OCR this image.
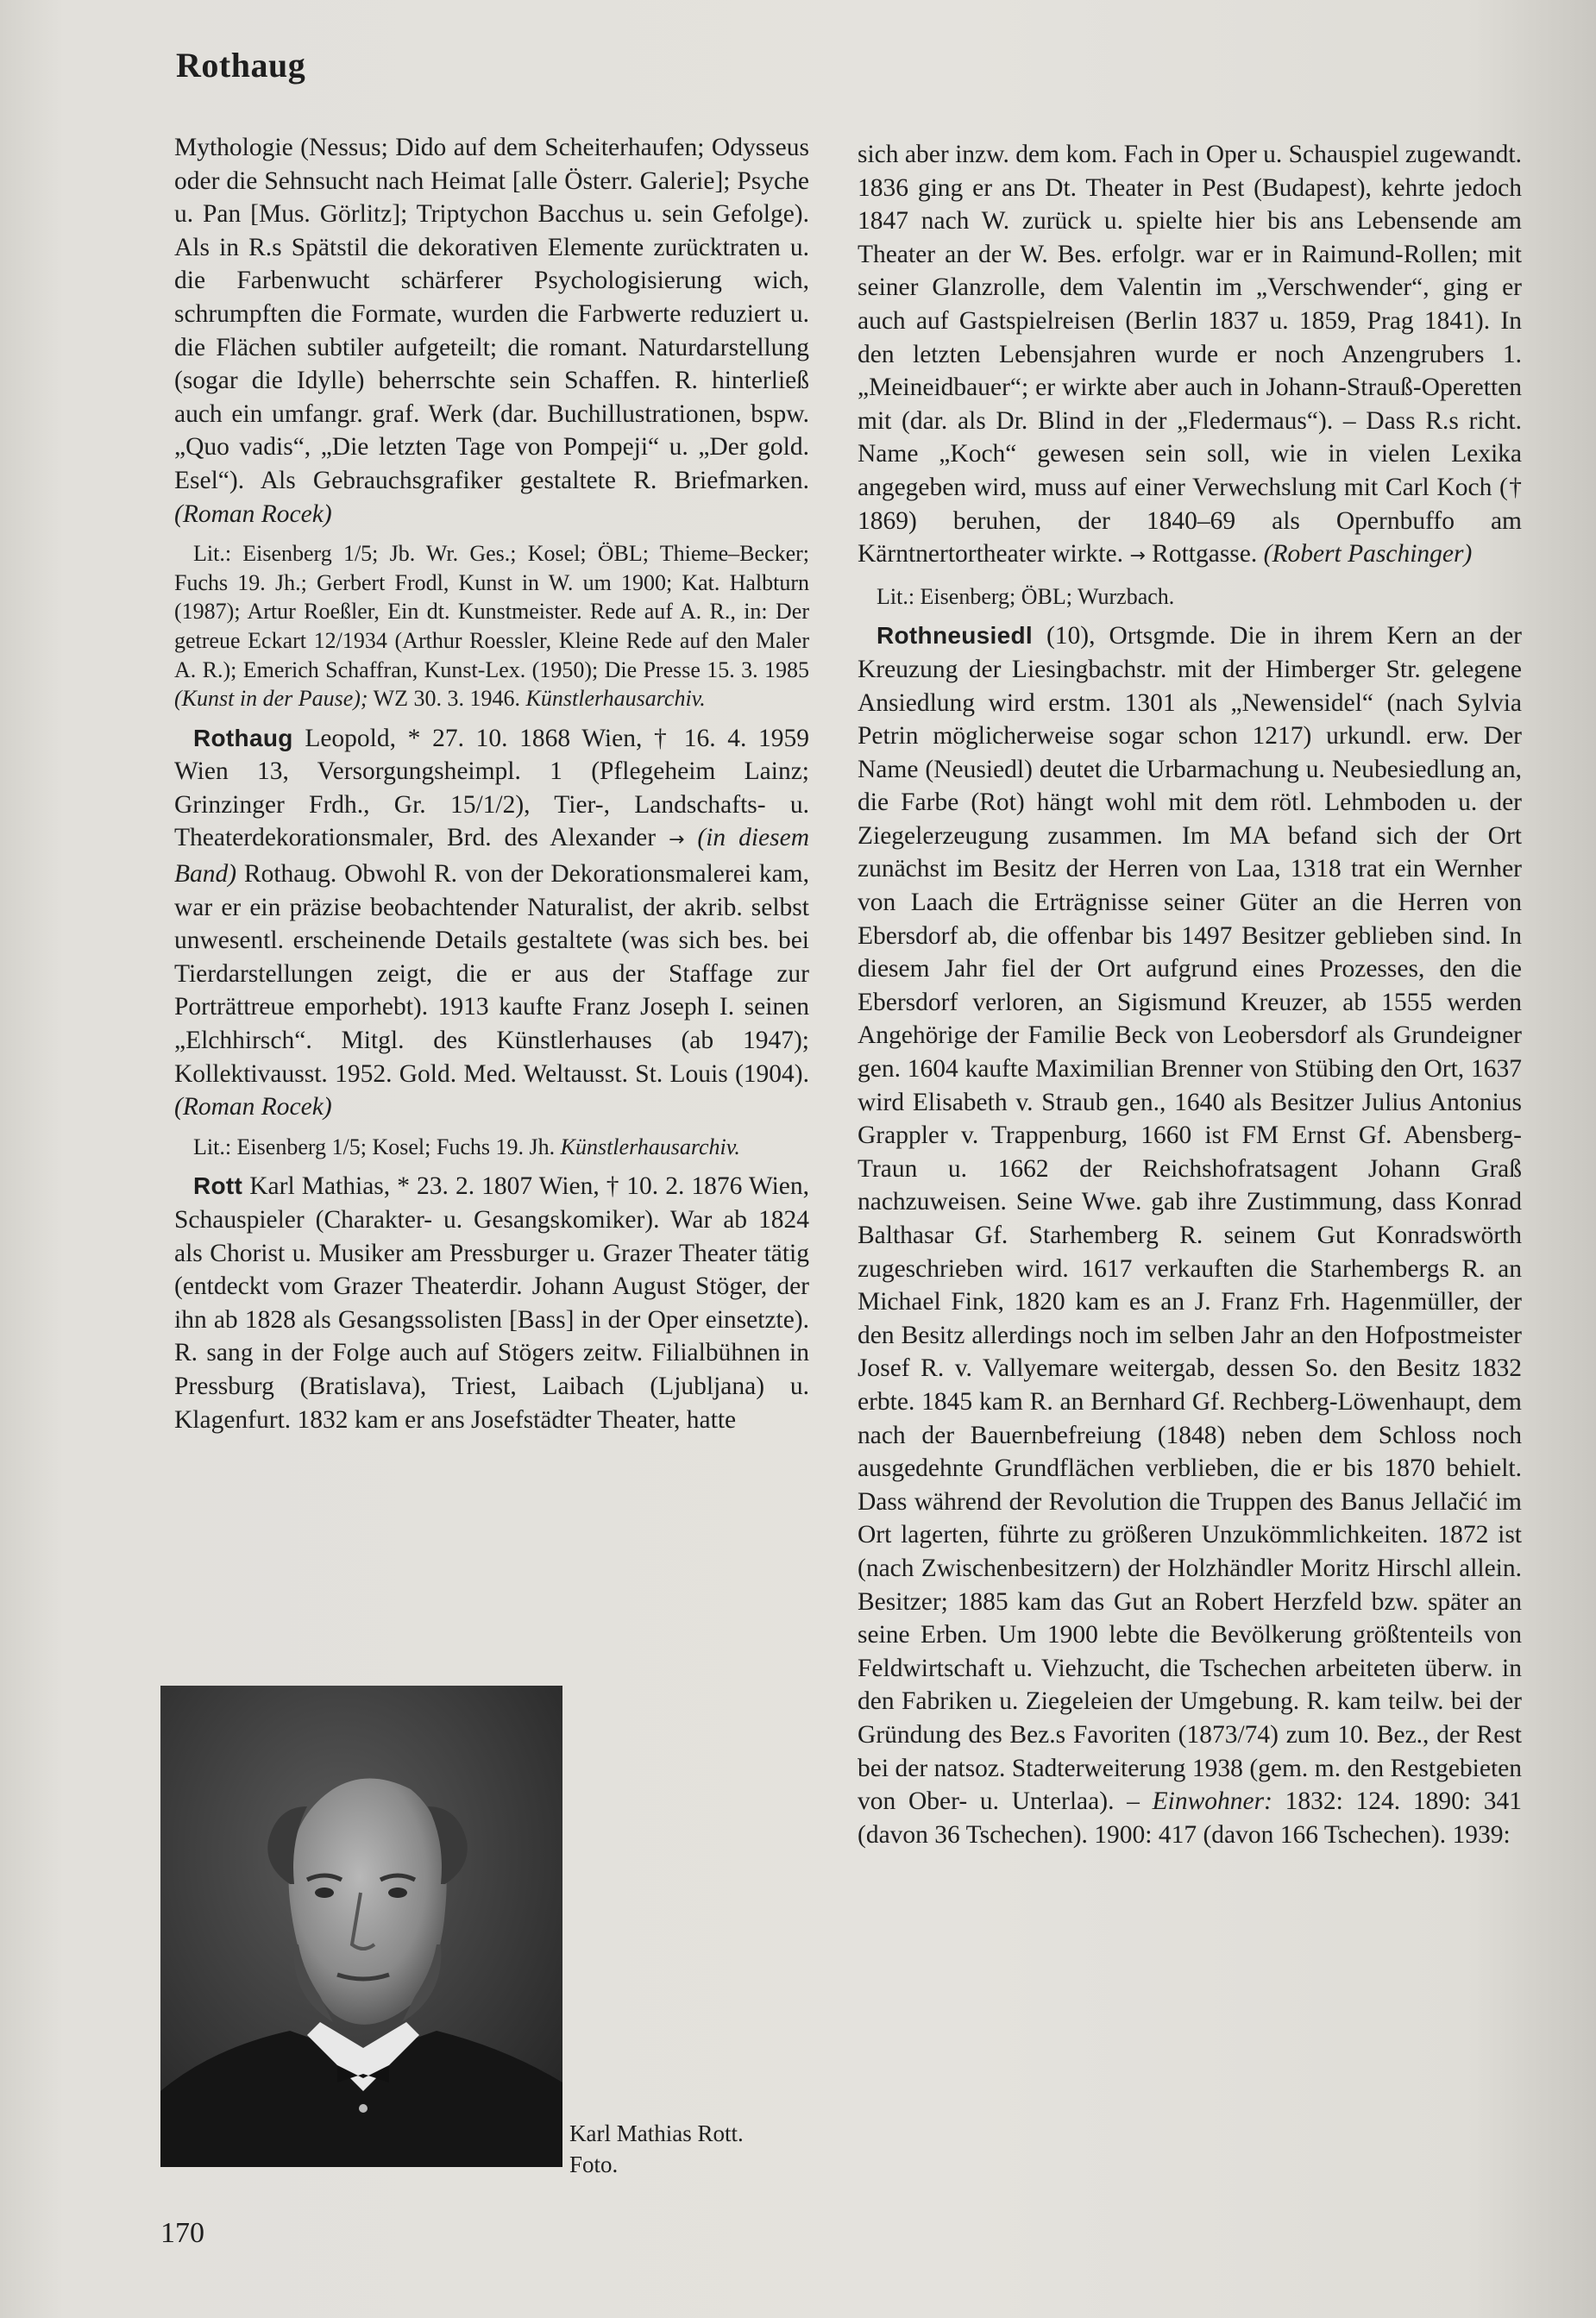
Rothaug

Mythologie (Nessus; Dido auf dem Scheiterhaufen; Odysseus oder die Sehnsucht nach Heimat [alle Österr. Galerie]; Psyche u. Pan [Mus. Görlitz]; Triptychon Bacchus u. sein Gefolge). Als in R.s Spätstil die dekorativen Elemente zurücktraten u. die Farbenwucht schärferer Psychologisierung wich, schrumpften die Formate, wurden die Farbwerte reduziert u. die Flächen subtiler aufgeteilt; die romant. Naturdarstellung (sogar die Idylle) beherrschte sein Schaffen. R. hinterließ auch ein umfangr. graf. Werk (dar. Buchillustrationen, bspw. „Quo vadis“, „Die letzten Tage von Pompeji“ u. „Der gold. Esel“). Als Gebrauchsgrafiker gestaltete R. Briefmarken. (Roman Rocek)

Lit.: Eisenberg 1/5; Jb. Wr. Ges.; Kosel; ÖBL; Thieme–Becker; Fuchs 19. Jh.; Gerbert Frodl, Kunst in W. um 1900; Kat. Halbturn (1987); Artur Roeßler, Ein dt. Kunstmeister. Rede auf A. R., in: Der getreue Eckart 12/1934 (Arthur Roessler, Kleine Rede auf den Maler A. R.); Emerich Schaffran, Kunst-Lex. (1950); Die Presse 15. 3. 1985 (Kunst in der Pause); WZ 30. 3. 1946. Künstlerhausarchiv.

Rothaug Leopold, * 27. 10. 1868 Wien, † 16. 4. 1959 Wien 13, Versorgungsheimpl. 1 (Pflegeheim Lainz; Grinzinger Frdh., Gr. 15/1/2), Tier-, Landschafts- u. Theaterdekorationsmaler, Brd. des Alexander → (in diesem Band) Rothaug. Obwohl R. von der Dekorationsmalerei kam, war er ein präzise beobachtender Naturalist, der akrib. selbst unwesentl. erscheinende Details gestaltete (was sich bes. bei Tierdarstellungen zeigt, die er aus der Staffage zur Porträttreue emporhebt). 1913 kaufte Franz Joseph I. seinen „Elchhirsch“. Mitgl. des Künstlerhauses (ab 1947); Kollektivausst. 1952. Gold. Med. Weltausst. St. Louis (1904). (Roman Rocek)

Lit.: Eisenberg 1/5; Kosel; Fuchs 19. Jh. Künstlerhausarchiv.

Rott Karl Mathias, * 23. 2. 1807 Wien, † 10. 2. 1876 Wien, Schauspieler (Charakter- u. Gesangskomiker). War ab 1824 als Chorist u. Musiker am Pressburger u. Grazer Theater tätig (entdeckt vom Grazer Theaterdir. Johann August Stöger, der ihn ab 1828 als Gesangssolisten [Bass] in der Oper einsetzte). R. sang in der Folge auch auf Stögers zeitw. Filialbühnen in Pressburg (Bratislava), Triest, Laibach (Ljubljana) u. Klagenfurt. 1832 kam er ans Josefstädter Theater, hatte

Karl Mathias Rott.
Foto.

sich aber inzw. dem kom. Fach in Oper u. Schauspiel zugewandt. 1836 ging er ans Dt. Theater in Pest (Budapest), kehrte jedoch 1847 nach W. zurück u. spielte hier bis ans Lebensende am Theater an der W. Bes. erfolgr. war er in Raimund-Rollen; mit seiner Glanzrolle, dem Valentin im „Verschwender“, ging er auch auf Gastspielreisen (Berlin 1837 u. 1859, Prag 1841). In den letzten Lebensjahren wurde er noch Anzengrubers 1. „Meineidbauer“; er wirkte aber auch in Johann-Strauß-Operetten mit (dar. als Dr. Blind in der „Fledermaus“). – Dass R.s richt. Name „Koch“ gewesen sein soll, wie in vielen Lexika angegeben wird, muss auf einer Verwechslung mit Carl Koch († 1869) beruhen, der 1840–69 als Opernbuffo am Kärntnertortheater wirkte. → Rottgasse. (Robert Paschinger)

Lit.: Eisenberg; ÖBL; Wurzbach.

Rothneusiedl (10), Ortsgmde. Die in ihrem Kern an der Kreuzung der Liesingbachstr. mit der Himberger Str. gelegene Ansiedlung wird erstm. 1301 als „Newensidel“ (nach Sylvia Petrin möglicherweise sogar schon 1217) urkundl. erw. Der Name (Neusiedl) deutet die Urbarmachung u. Neubesiedlung an, die Farbe (Rot) hängt wohl mit dem rötl. Lehmboden u. der Ziegelerzeugung zusammen. Im MA befand sich der Ort zunächst im Besitz der Herren von Laa, 1318 trat ein Wernher von Laach die Erträgnisse seiner Güter an die Herren von Ebersdorf ab, die offenbar bis 1497 Besitzer geblieben sind. In diesem Jahr fiel der Ort aufgrund eines Prozesses, den die Ebersdorf verloren, an Sigismund Kreuzer, ab 1555 werden Angehörige der Familie Beck von Leobersdorf als Grundeigner gen. 1604 kaufte Maximilian Brenner von Stübing den Ort, 1637 wird Elisabeth v. Straub gen., 1640 als Besitzer Julius Antonius Grappler v. Trappenburg, 1660 ist FM Ernst Gf. Abensberg-Traun u. 1662 der Reichshofratsagent Johann Graß nachzuweisen. Seine Wwe. gab ihre Zustimmung, dass Konrad Balthasar Gf. Starhemberg R. seinem Gut Konradswörth zugeschrieben wird. 1617 verkauften die Starhembergs R. an Michael Fink, 1820 kam es an J. Franz Frh. Hagenmüller, der den Besitz allerdings noch im selben Jahr an den Hofpostmeister Josef R. v. Vallyemare weitergab, dessen So. den Besitz 1832 erbte. 1845 kam R. an Bernhard Gf. Rechberg-Löwenhaupt, dem nach der Bauernbefreiung (1848) neben dem Schloss noch ausgedehnte Grundflächen verblieben, die er bis 1870 behielt. Dass während der Revolution die Truppen des Banus Jellačić im Ort lagerten, führte zu größeren Unzukömmlichkeiten. 1872 ist (nach Zwischenbesitzern) der Holzhändler Moritz Hirschl allein. Besitzer; 1885 kam das Gut an Robert Herzfeld bzw. später an seine Erben. Um 1900 lebte die Bevölkerung größtenteils von Feldwirtschaft u. Viehzucht, die Tschechen arbeiteten überw. in den Fabriken u. Ziegeleien der Umgebung. R. kam teilw. bei der Gründung des Bez.s Favoriten (1873/74) zum 10. Bez., der Rest bei der natsoz. Stadterweiterung 1938 (gem. m. den Restgebieten von Ober- u. Unterlaa). – Einwohner: 1832: 124. 1890: 341 (davon 36 Tschechen). 1900: 417 (davon 166 Tschechen). 1939:

170
